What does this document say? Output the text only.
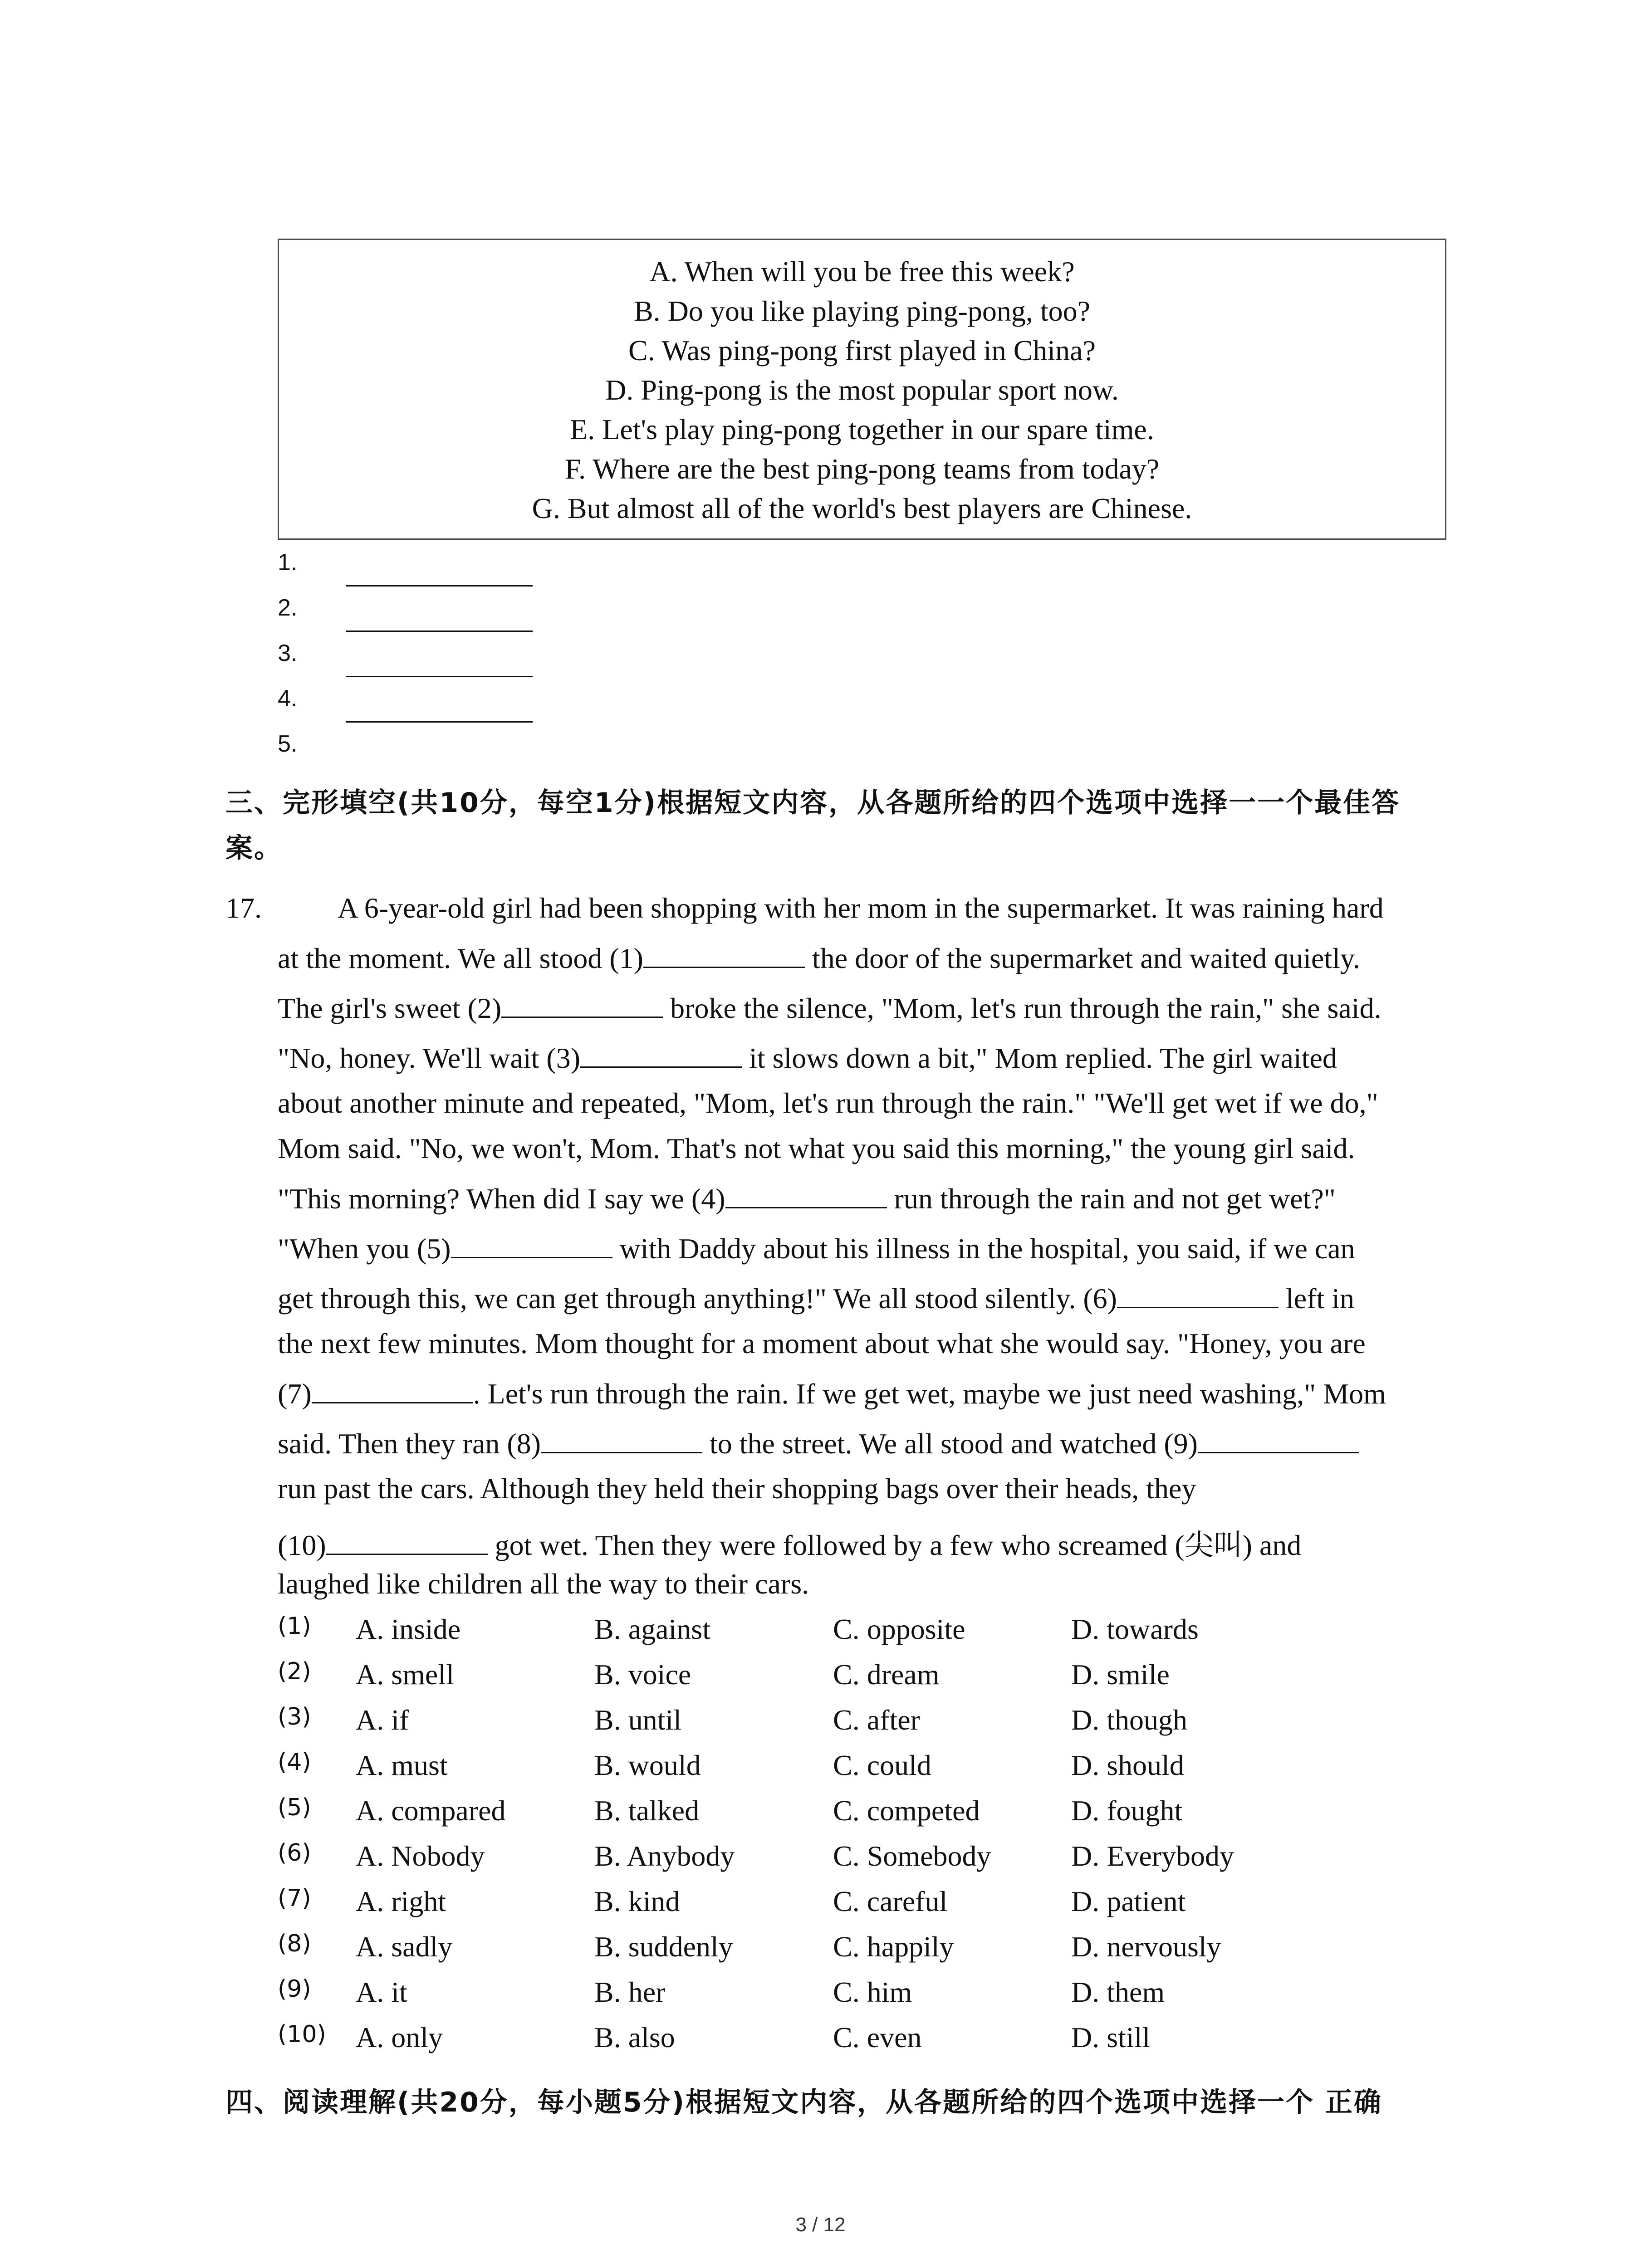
A. When will you be free this week?
B. Do you like playing ping-pong, too?
C. Was ping-pong first played in China?
D. Ping-pong is the most popular sport now.
E. Let's play ping-pong together in our spare time.
F. Where are the best ping-pong teams from today?
G. But almost all of the world's best players are Chinese.
1.
2.
3.
4.
5.
三、完形填空(共10分，每空1分)根据短文内容，从各题所给的四个选项中选择一一个最佳答
案。
17.	A 6-year-old girl had been shopping with her mom in the supermarket. It was raining hard
at the moment. We all stood (1)	the door of the supermarket and waited quietly.
The girl's sweet (2)	broke the silence, "Mom, let's run through the rain," she said.
"No, honey. We'll wait (3)	it slows down a bit," Mom replied. The girl waited
about another minute and repeated, "Mom, let's run through the rain." "We'll get wet if we do,"
Mom said. "No, we won't, Mom. That's not what you said this morning," the young girl said.
"This morning? When did I say we (4)	run through the rain and not get wet?"
"When you (5)	with Daddy about his illness in the hospital, you said, if we can
get through this, we can get through anything!" We all stood silently. (6)	left in
the next few minutes. Mom thought for a moment about what she would say. "Honey, you are
(7)	. Let's run through the rain. If we get wet, maybe we just need washing," Mom
said. Then they ran (8)	to the street. We all stood and watched (9)
run past the cars. Although they held their shopping bags over their heads, they
(10)	got wet. Then they were followed by a few who screamed (尖叫) and
laughed like children all the way to their cars.
(1) A. inside	B. against	C. opposite	D. towards
(2) A. smell	B. voice	C. dream	D. smile
(3) A. if	B. until	C. after	D. though
(4) A. must	B. would	C. could	D. should
(5) A. compared	B. talked	C. competed	D. fought
(6) A. Nobody	B. Anybody	C. Somebody	D. Everybody
(7) A. right	B. kind	C. careful	D. patient
(8) A. sadly	B. suddenly	C. happily	D. nervously
(9) A. it	B. her	C. him	D. them
(10) A. only	B. also	C. even	D. still
四、阅读理解(共20分，每小题5分)根据短文内容，从各题所给的四个选项中选择一个 正确
3 / 12
